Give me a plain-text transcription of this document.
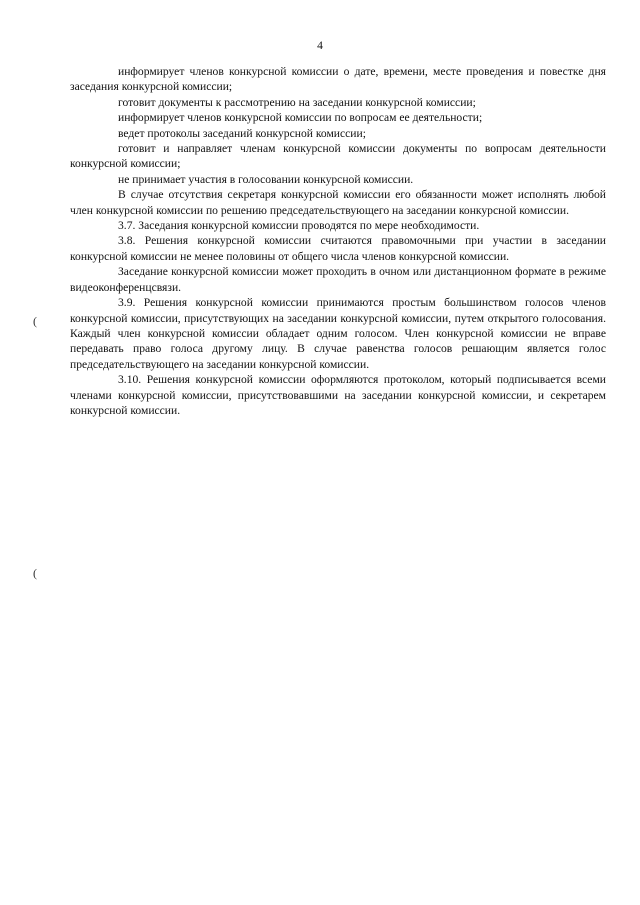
4

информирует членов конкурсной комиссии о дате, времени, месте проведения и повестке дня заседания конкурсной комиссии;

готовит документы к рассмотрению на заседании конкурсной комиссии;

информирует членов конкурсной комиссии по вопросам ее деятельности;

ведет протоколы заседаний конкурсной комиссии;

готовит и направляет членам конкурсной комиссии документы по вопросам деятельности конкурсной комиссии;

не принимает участия в голосовании конкурсной комиссии.

В случае отсутствия секретаря конкурсной комиссии его обязанности может исполнять любой член конкурсной комиссии по решению председательствующего на заседании конкурсной комиссии.

3.7. Заседания конкурсной комиссии проводятся по мере необходимости.

3.8. Решения конкурсной комиссии считаются правомочными при участии в заседании конкурсной комиссии не менее половины от общего числа членов конкурсной комиссии.

Заседание конкурсной комиссии может проходить в очном или дистанционном формате в режиме видеоконференцсвязи.

3.9. Решения конкурсной комиссии принимаются простым большинством голосов членов конкурсной комиссии, присутствующих на заседании конкурсной комиссии, путем открытого голосования. Каждый член конкурсной комиссии обладает одним голосом. Член конкурсной комиссии не вправе передавать право голоса другому лицу. В случае равенства голосов решающим является голос председательствующего на заседании конкурсной комиссии.

3.10. Решения конкурсной комиссии оформляются протоколом, который подписывается всеми членами конкурсной комиссии, присутствовавшими на заседании конкурсной комиссии, и секретарем конкурсной комиссии.

(
(
